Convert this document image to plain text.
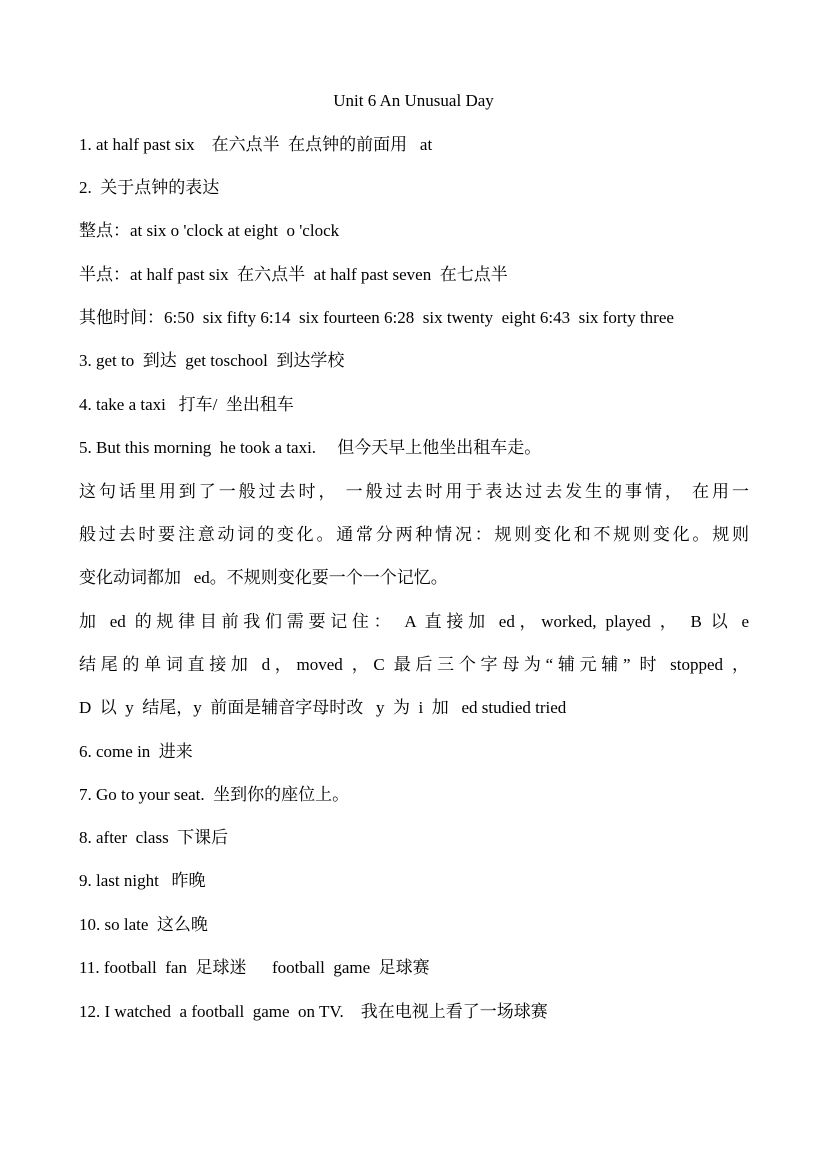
Unit 6 An Unusual Day
1. at half past six    在六点半  在点钟的前面用   at
2.  关于点钟的表达
整点：at six o 'clock at eight  o 'clock
半点：at half past six  在六点半  at half past seven  在七点半
其他时间：6:50  six fifty 6:14  six fourteen 6:28  six twenty  eight 6:43  six forty three
3. get to  到达  get toschool  到达学校
4. take a taxi   打车/  坐出租车
5. But this morning  he took a taxi.     但今天早上他坐出租车走。
这句话里用到了一般过去时， 一般过去时用于表达过去发生的事情， 在用一
般过去时要注意动词的变化。通常分两种情况：规则变化和不规则变化。规则
变化动词都加   ed。不规则变化要一个一个记忆。
加 ed 的规律目前我们需要记住： A 直接加 ed，worked, played ， B 以 e
结尾的单词直接加 d，moved ，C 最后三个字母为“辅元辅” 时 stopped ，
D  以  y  结尾，y  前面是辅音字母时改   y  为  i  加   ed studied tried
6. come in  进来
7. Go to your seat.  坐到你的座位上。
8. after  class  下课后
9. last night   昨晚
10. so late  这么晚
11. football  fan  足球迷      football  game  足球赛
12. I watched  a football  game  on TV.    我在电视上看了一场球赛
